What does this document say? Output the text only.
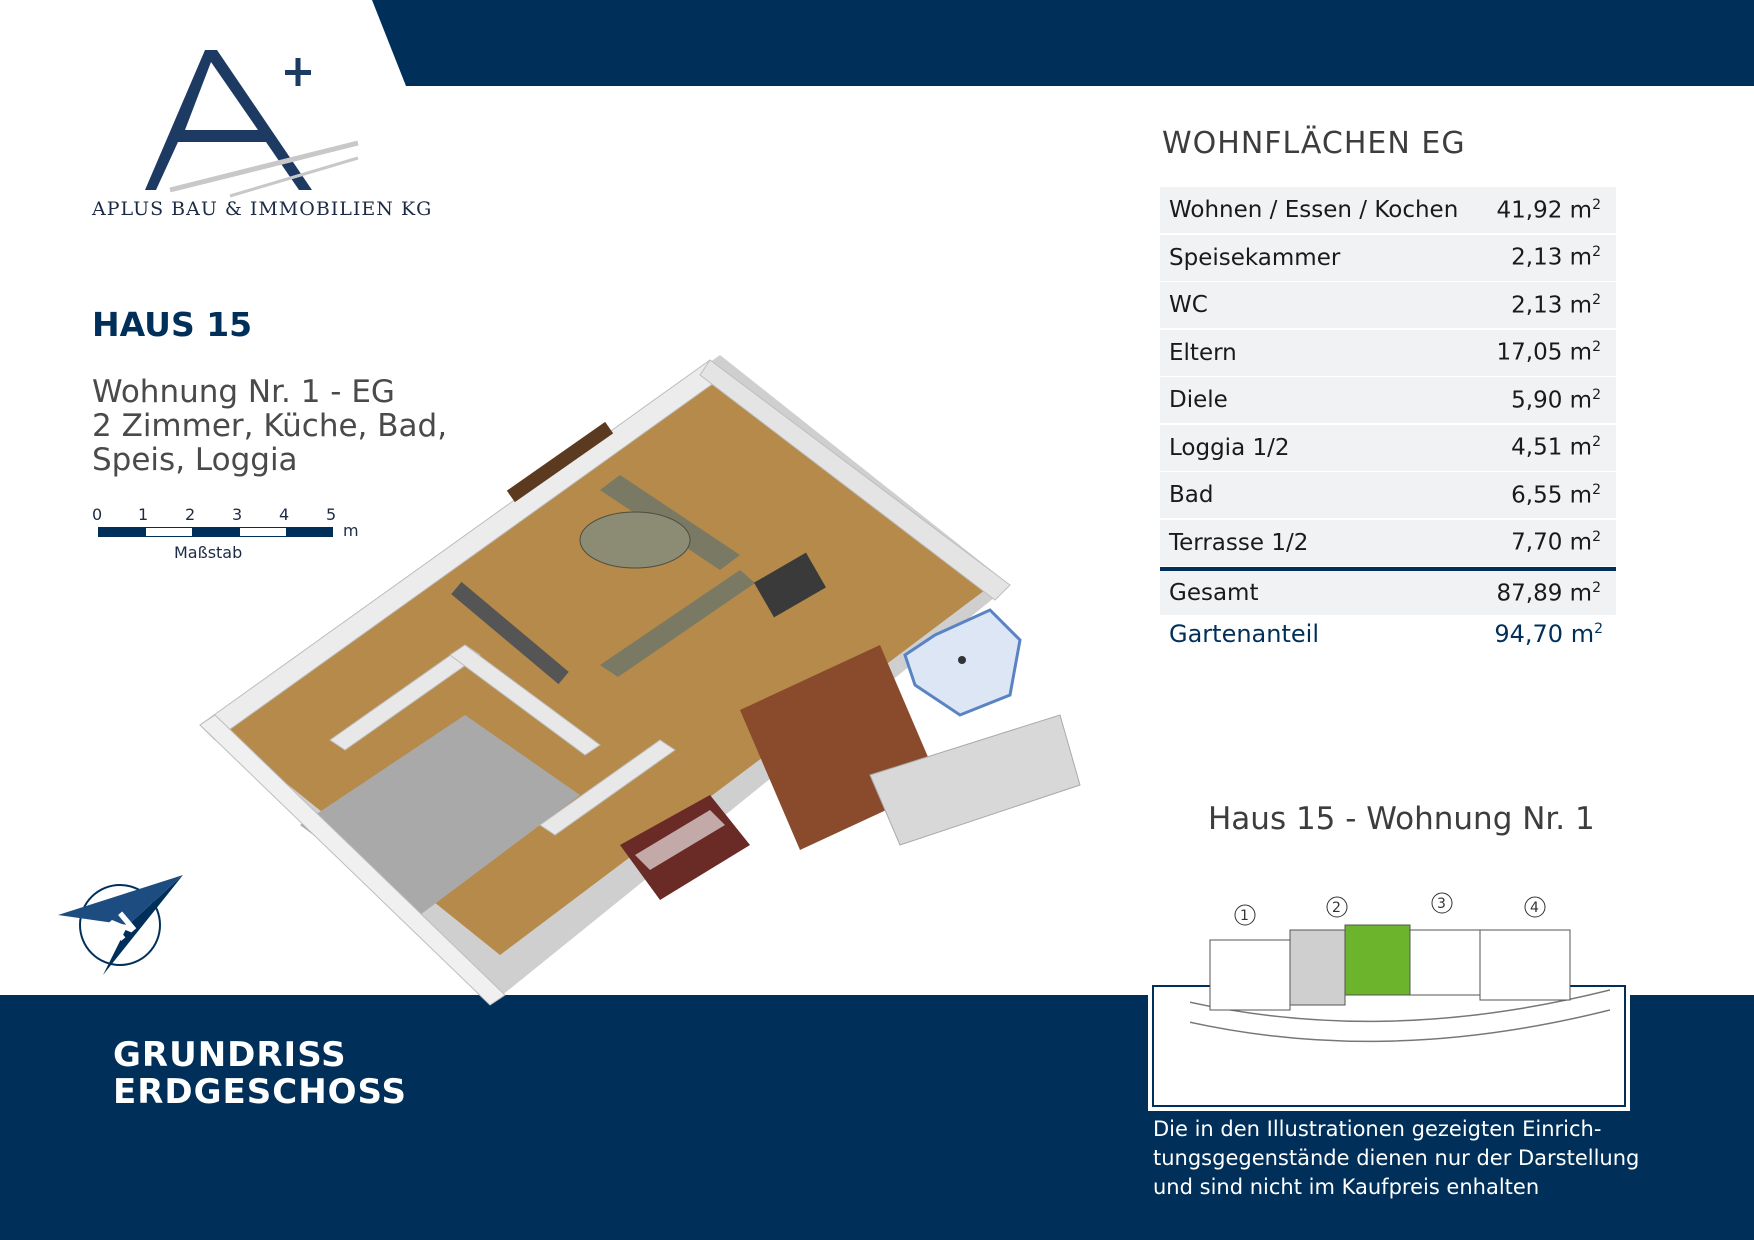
APLUS BAU & IMMOBILIEN KG
HAUS 15
Wohnung Nr. 1 - EG
2 Zimmer, Küche, Bad,
Speis, Loggia
0 1 2 3 4 5
m
Maßstab
WOHNFLÄCHEN EG
Wohnen / Essen / Kochen 41,92 $m^2$
Speisekammer	2,13 $m^2$
WC	2,13 $m^2$
Eltern	17,05 $m^2$
Diele	5,90 $m^2$
Loggia 1/2	4,51 $m^2$
Bad	6,55 $m^2$
Terrasse 1/2	7,70 $m^2$
Gesamt	87,89 $m^2$
Gartenanteil	94,70 $m^2$
GRUNDRISS
ERDGESCHOSS
Haus 15 - Wohnung Nr. 1
1	2	3	4
Die in den Illustrationen gezeigten Einrich-
tungsgegenstände dienen nur der Darstellung
und sind nicht im Kaufpreis enhalten
N
